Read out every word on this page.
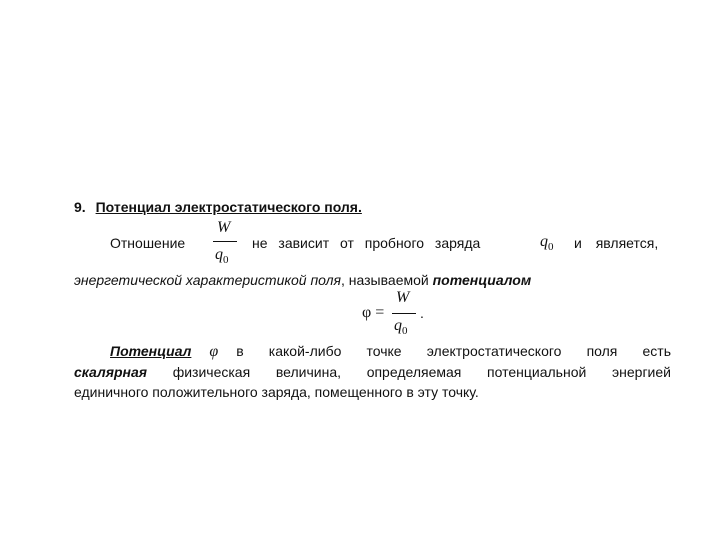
9. Потенциал электростатического поля.
Отношение
W
$q_0$
не зависит от пробного заряда	$q_0$ и является,
энергетической характеристикой поля, называемой потенциалом
φ =
W
$q_0$
.
Потенциал φ в какой-либо точке электростатического поля есть
скалярная физическая величина, определяемая потенциальной энергией
единичного положительного заряда, помещенного в эту точку.
